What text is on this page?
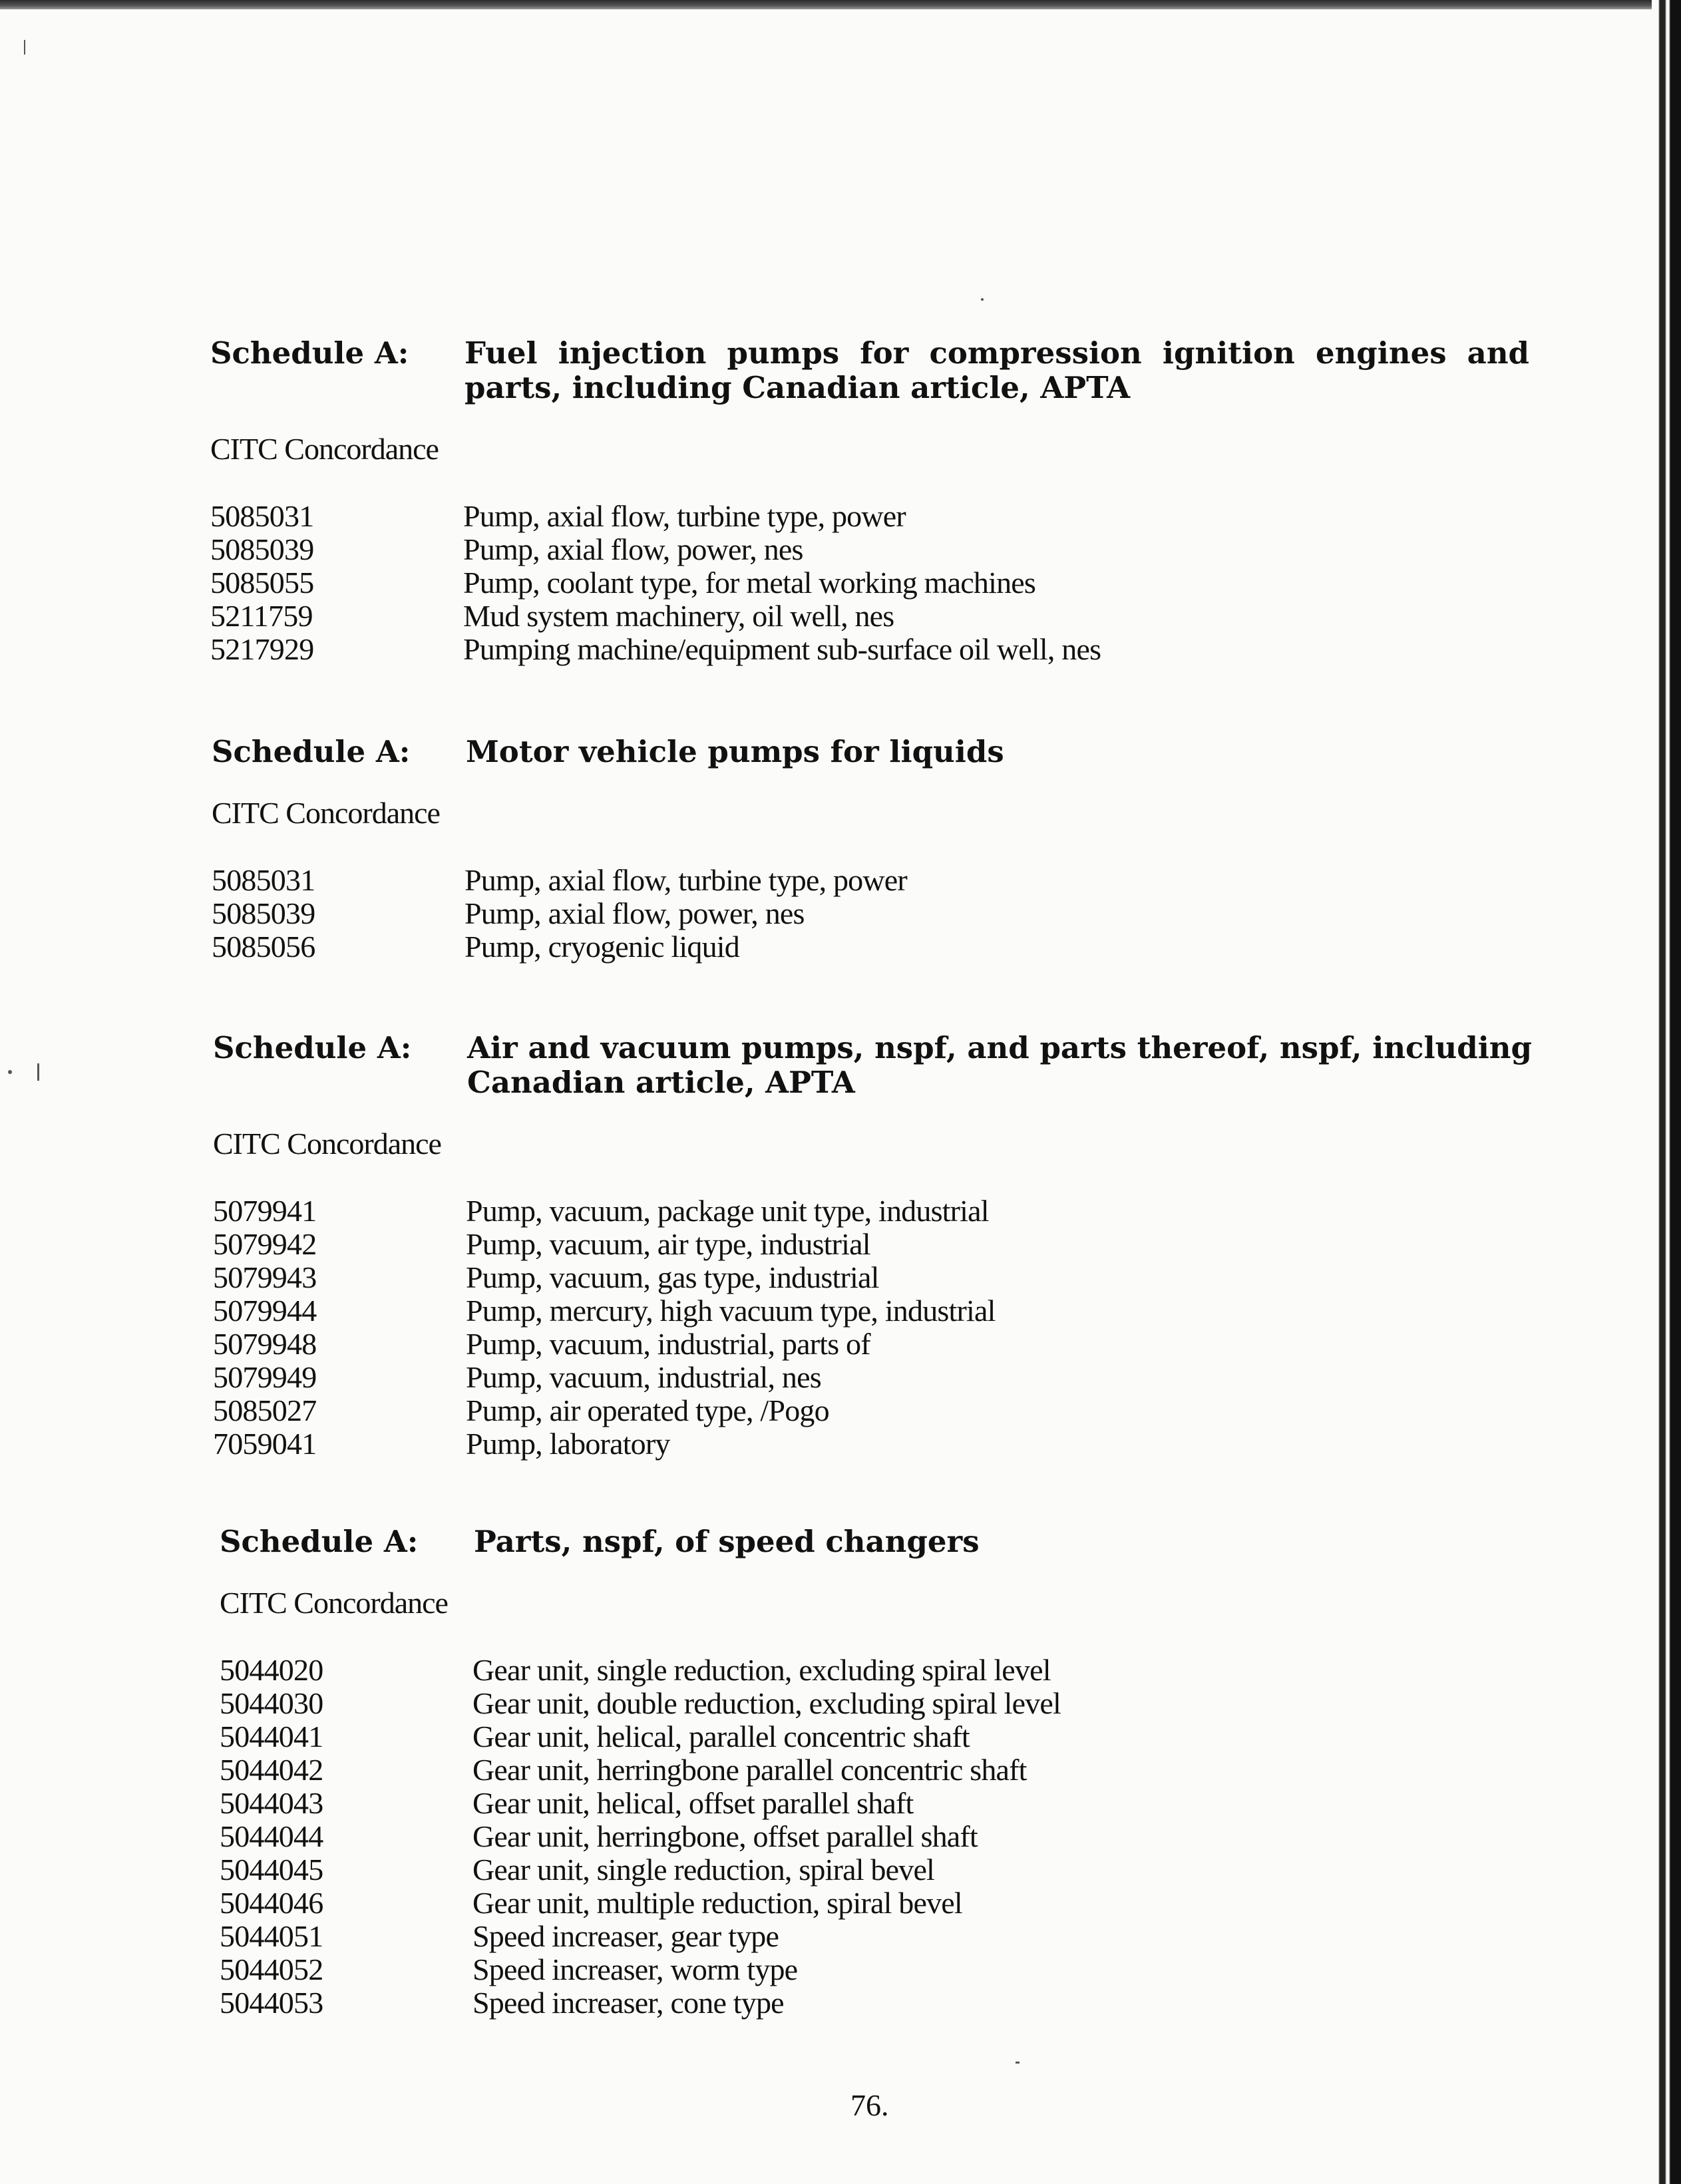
Schedule A: Fuel injection pumps for compression ignition engines and parts, including Canadian article, APTA
CITC Concordance
5085031	Pump, axial flow, turbine type, power
5085039	Pump, axial flow, power, nes
5085055	Pump, coolant type, for metal working machines
5211759	Mud system machinery, oil well, nes
5217929	Pumping machine/equipment sub-surface oil well, nes
Schedule A: Motor vehicle pumps for liquids
CITC Concordance
5085031	Pump, axial flow, turbine type, power
5085039	Pump, axial flow, power, nes
5085056	Pump, cryogenic liquid
Schedule A: Air and vacuum pumps, nspf, and parts thereof, nspf, including Canadian article, APTA
CITC Concordance
5079941	Pump, vacuum, package unit type, industrial
5079942	Pump, vacuum, air type, industrial
5079943	Pump, vacuum, gas type, industrial
5079944	Pump, mercury, high vacuum type, industrial
5079948	Pump, vacuum, industrial, parts of
5079949	Pump, vacuum, industrial, nes
5085027	Pump, air operated type, /Pogo
7059041	Pump, laboratory
Schedule A: Parts, nspf, of speed changers
CITC Concordance
5044020	Gear unit, single reduction, excluding spiral level
5044030	Gear unit, double reduction, excluding spiral level
5044041	Gear unit, helical, parallel concentric shaft
5044042	Gear unit, herringbone parallel concentric shaft
5044043	Gear unit, helical, offset parallel shaft
5044044	Gear unit, herringbone, offset parallel shaft
5044045	Gear unit, single reduction, spiral bevel
5044046	Gear unit, multiple reduction, spiral bevel
5044051	Speed increaser, gear type
5044052	Speed increaser, worm type
5044053	Speed increaser, cone type
76.
